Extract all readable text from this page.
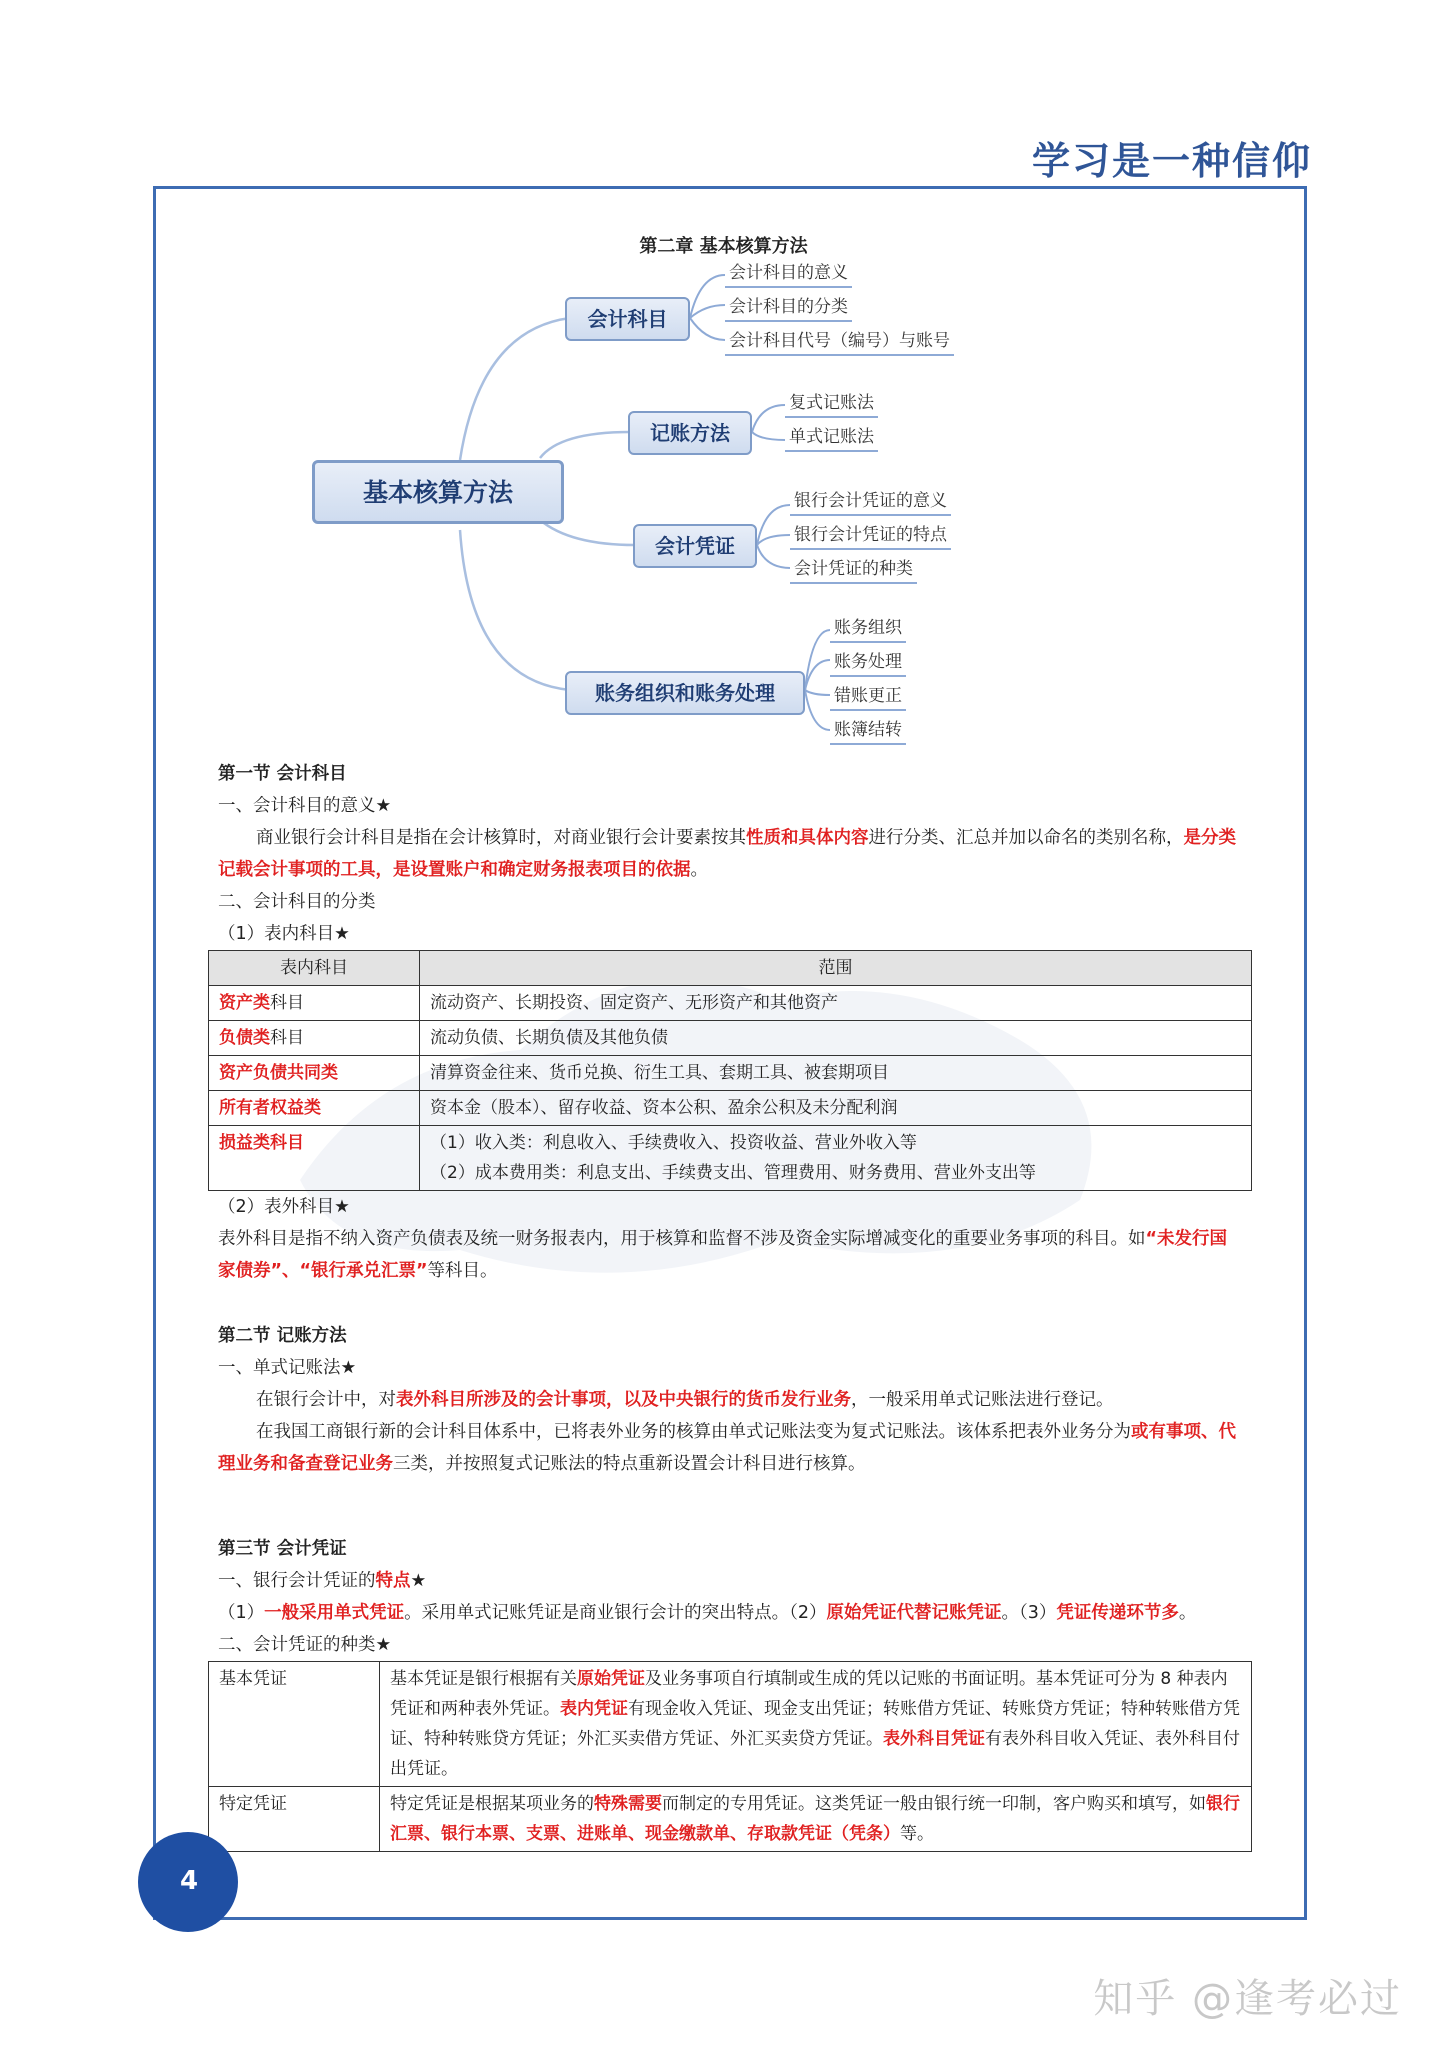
学习是一种信仰
第二章 基本核算方法
基本核算方法
会计科目
记账方法
会计凭证
账务组织和账务处理
会计科目的意义
会计科目的分类
会计科目代号（编号）与账号
复式记账法
单式记账法
银行会计凭证的意义
银行会计凭证的特点
会计凭证的种类
账务组织
账务处理
错账更正
账簿结转
第一节 会计科目
一、会计科目的意义★
商业银行会计科目是指在会计核算时，对商业银行会计要素按其性质和具体内容进行分类、汇总并加以命名的类别名称，是分类记载会计事项的工具，是设置账户和确定财务报表项目的依据。
二、会计科目的分类
（1）表内科目★
表内科目	范围
资产类科目	流动资产、长期投资、固定资产、无形资产和其他资产
负债类科目	流动负债、长期负债及其他负债
资产负债共同类	清算资金往来、货币兑换、衍生工具、套期工具、被套期项目
所有者权益类	资本金（股本）、留存收益、资本公积、盈余公积及未分配利润
损益类科目	（1）收入类：利息收入、手续费收入、投资收益、营业外收入等
（2）成本费用类：利息支出、手续费支出、管理费用、财务费用、营业外支出等
（2）表外科目★
表外科目是指不纳入资产负债表及统一财务报表内，用于核算和监督不涉及资金实际增减变化的重要业务事项的科目。如“未发行国家债券”、“银行承兑汇票”等科目。
第二节 记账方法
一、单式记账法★
在银行会计中，对表外科目所涉及的会计事项，以及中央银行的货币发行业务，一般采用单式记账法进行登记。
在我国工商银行新的会计科目体系中，已将表外业务的核算由单式记账法变为复式记账法。该体系把表外业务分为或有事项、代理业务和备查登记业务三类，并按照复式记账法的特点重新设置会计科目进行核算。
第三节 会计凭证
一、银行会计凭证的特点★
（1）一般采用单式凭证。采用单式记账凭证是商业银行会计的突出特点。（2）原始凭证代替记账凭证。（3）凭证传递环节多。
二、会计凭证的种类★
基本凭证	基本凭证是银行根据有关原始凭证及业务事项自行填制或生成的凭以记账的书面证明。基本凭证可分为 8 种表内凭证和两种表外凭证。表内凭证有现金收入凭证、现金支出凭证；转账借方凭证、转账贷方凭证；特种转账借方凭证、特种转账贷方凭证；外汇买卖借方凭证、外汇买卖贷方凭证。表外科目凭证有表外科目收入凭证、表外科目付出凭证。
特定凭证	特定凭证是根据某项业务的特殊需要而制定的专用凭证。这类凭证一般由银行统一印制，客户购买和填写，如银行汇票、银行本票、支票、进账单、现金缴款单、存取款凭证（凭条）等。
4
知乎 @逢考必过
